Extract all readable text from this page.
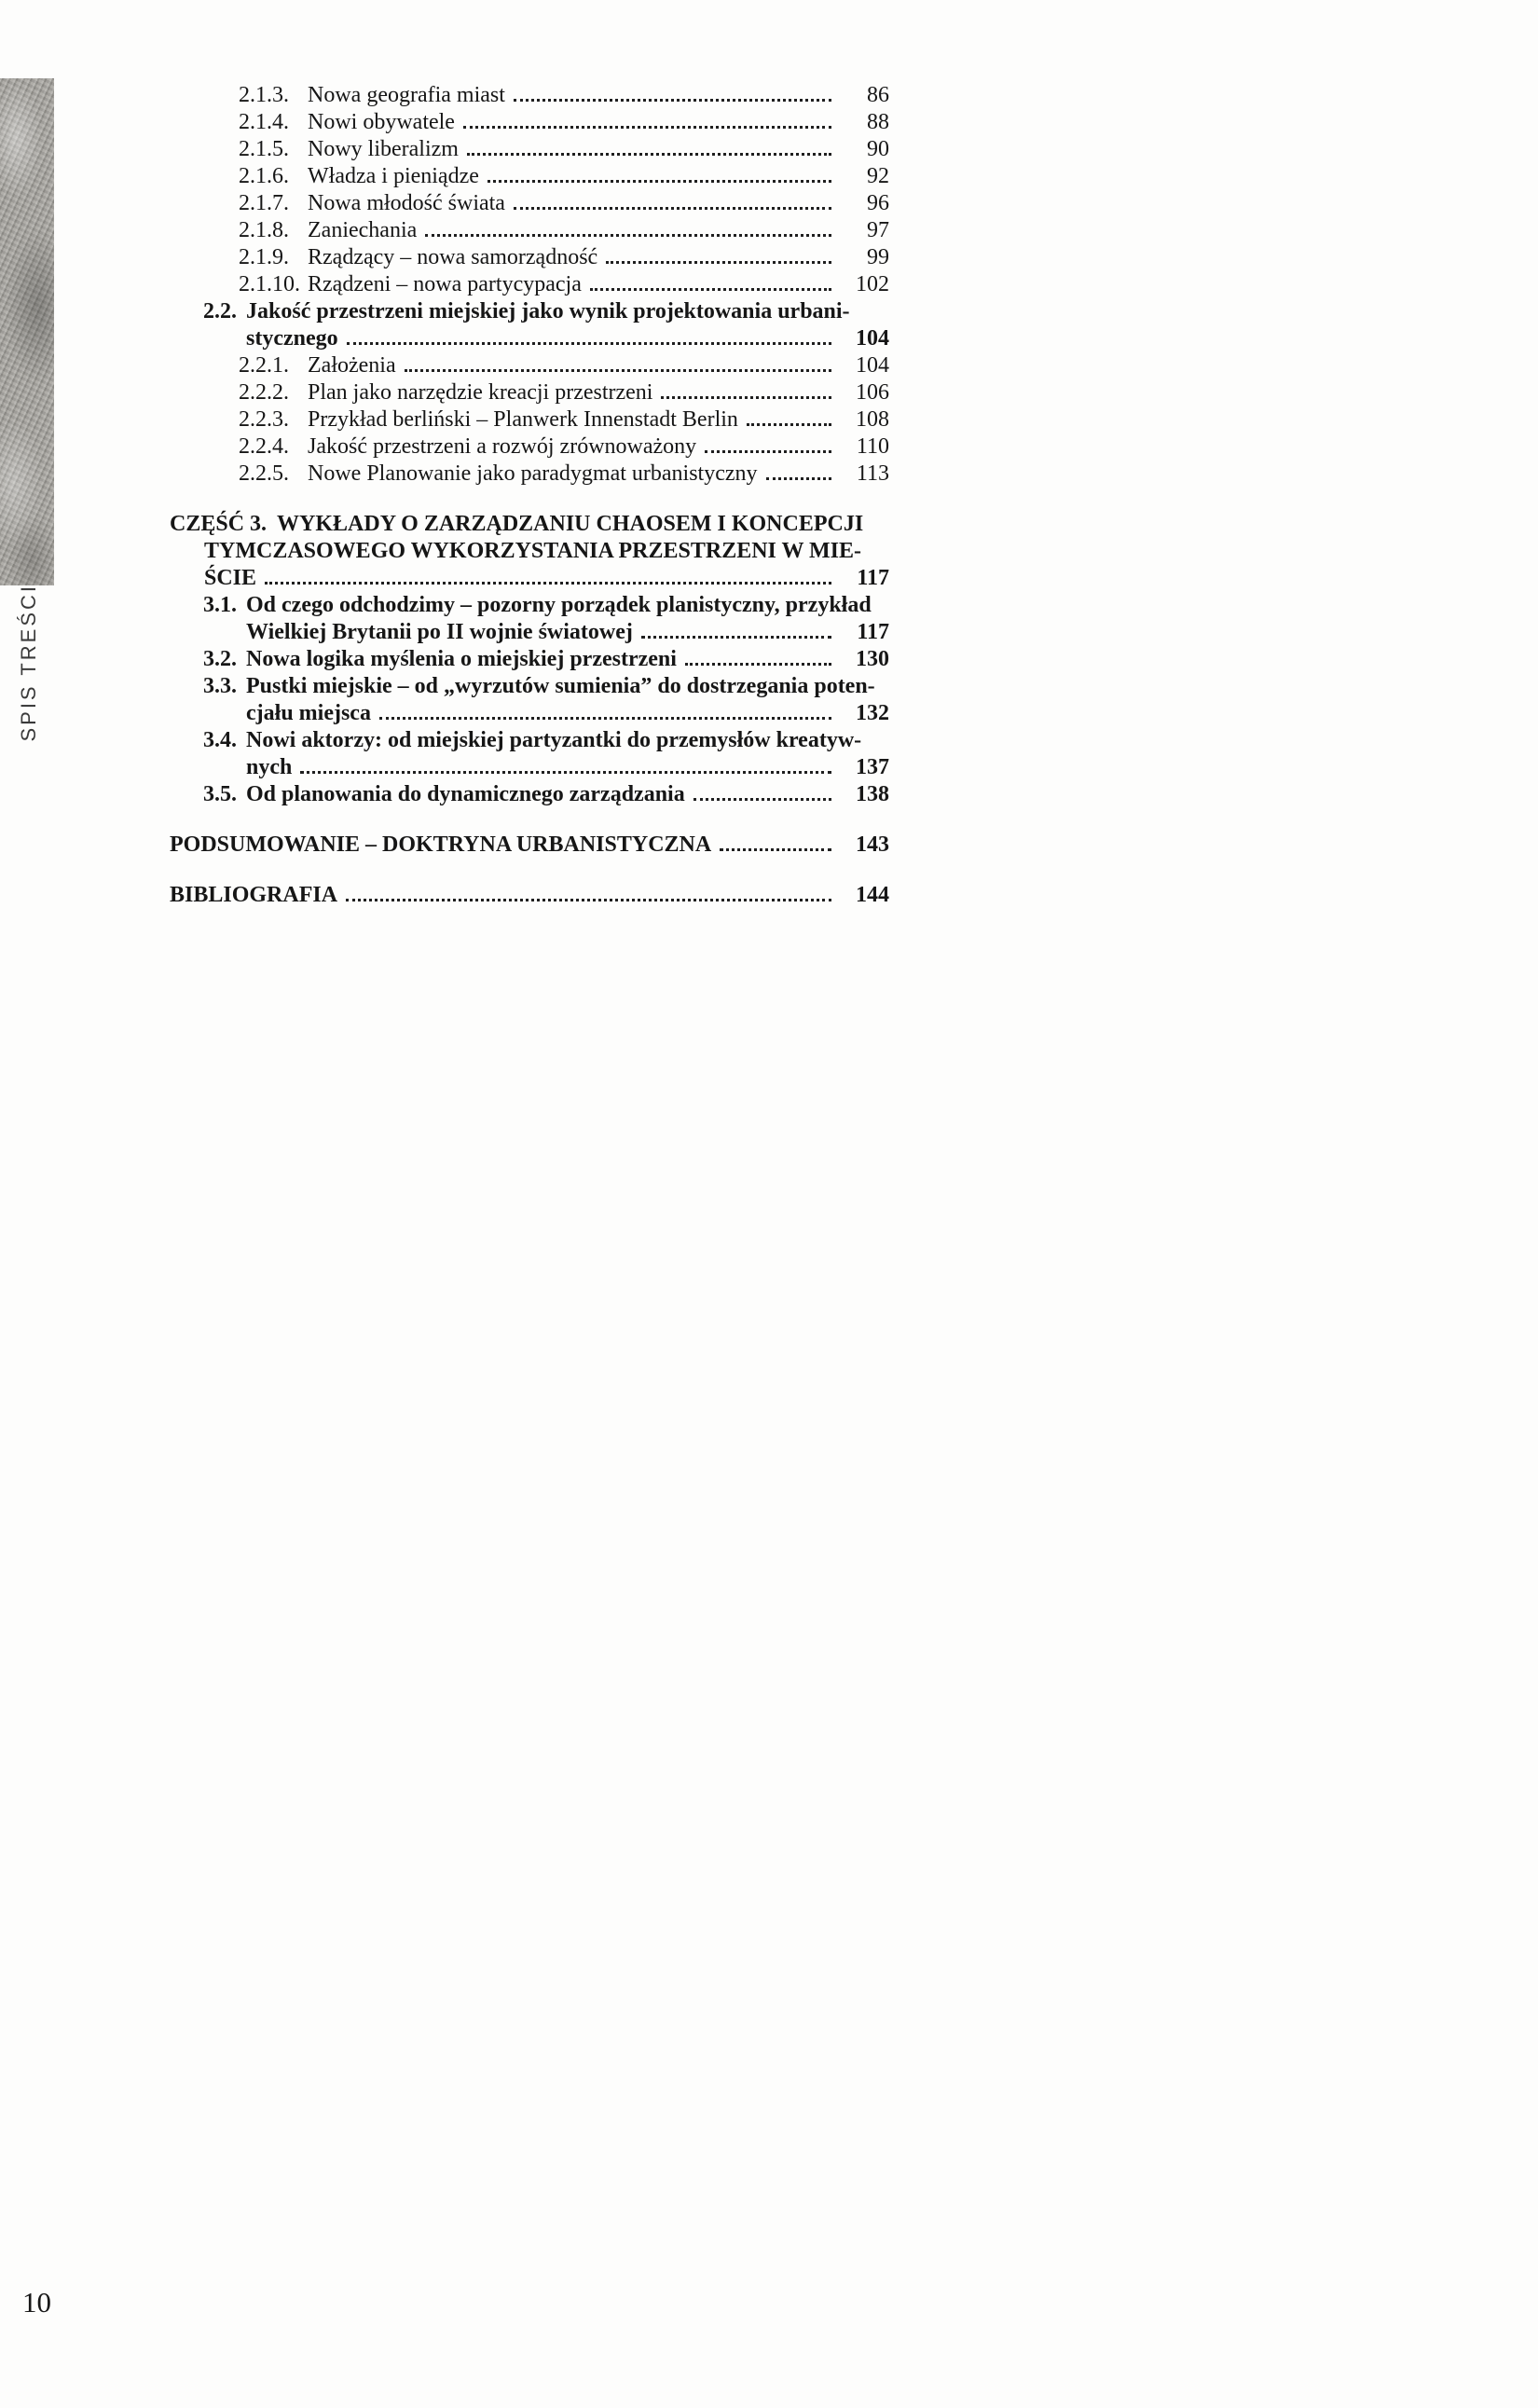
SPIS TREŚCI
2.1.3. Nowa geografia miast	86
2.1.4. Nowi obywatele	88
2.1.5. Nowy liberalizm	90
2.1.6. Władza i pieniądze	92
2.1.7. Nowa młodość świata	96
2.1.8. Zaniechania	97
2.1.9. Rządzący – nowa samorządność	99
2.1.10. Rządzeni – nowa partycypacja	102
2.2. Jakość przestrzeni miejskiej jako wynik projektowania urbani-
stycznego	104
2.2.1. Założenia	104
2.2.2. Plan jako narzędzie kreacji przestrzeni	106
2.2.3. Przykład berliński – Planwerk Innenstadt Berlin	108
2.2.4. Jakość przestrzeni a rozwój zrównoważony	110
2.2.5. Nowe Planowanie jako paradygmat urbanistyczny	113
CZĘŚĆ 3. WYKŁADY O ZARZĄDZANIU CHAOSEM I KONCEPCJI
TYMCZASOWEGO WYKORZYSTANIA PRZESTRZENI W MIE-
ŚCIE	117
3.1. Od czego odchodzimy – pozorny porządek planistyczny, przykład
Wielkiej Brytanii po II wojnie światowej	117
3.2. Nowa logika myślenia o miejskiej przestrzeni	130
3.3. Pustki miejskie – od „wyrzutów sumienia” do dostrzegania poten-
cjału miejsca	132
3.4. Nowi aktorzy: od miejskiej partyzantki do przemysłów kreatyw-
nych	137
3.5. Od planowania do dynamicznego zarządzania	138
PODSUMOWANIE – DOKTRYNA URBANISTYCZNA	143
BIBLIOGRAFIA	144
10
